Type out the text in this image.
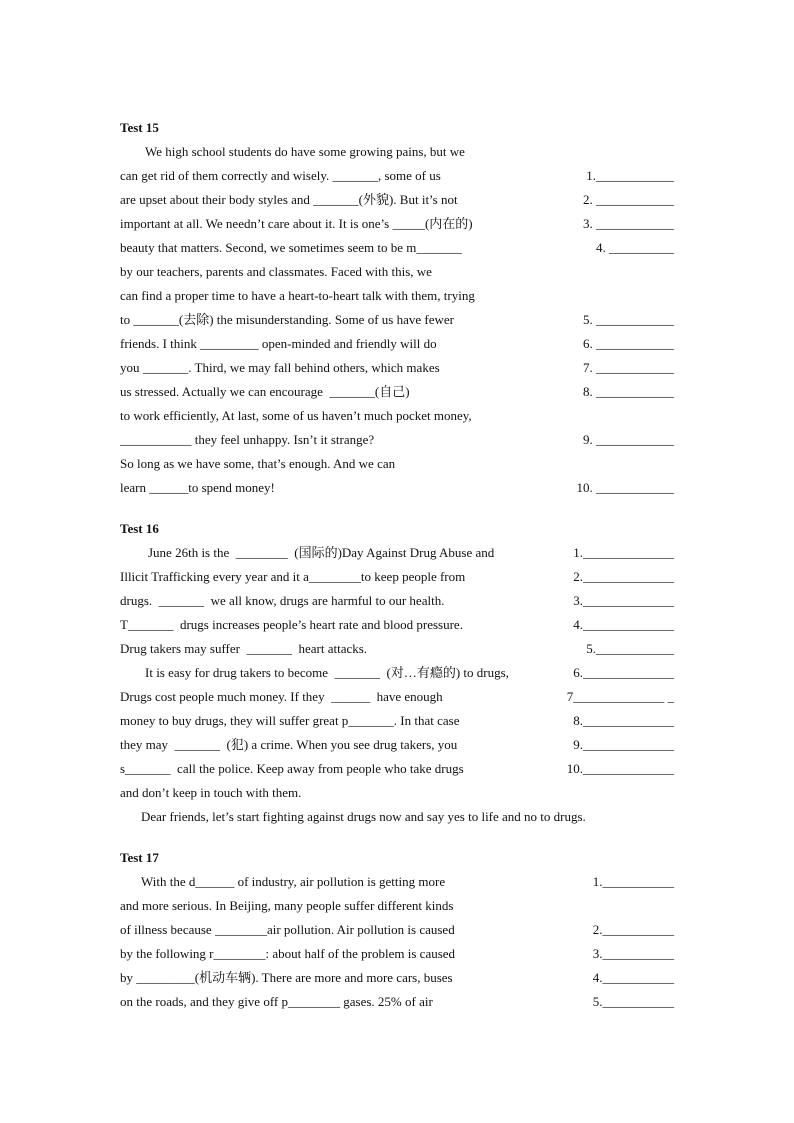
Test 15
We high school students do have some growing pains, but we
can get rid of them correctly and wisely. _______, some of us	1.____________
are upset about their body styles and _______(外貌). But it’s not	2. ____________
important at all. We needn’t care about it. It is one’s _____(内在的)	3. ____________
beauty that matters. Second, we sometimes seem to be m_______	4. __________
by our teachers, parents and classmates. Faced with this, we
can find a proper time to have a heart-to-heart talk with them, trying
to _______(去除) the misunderstanding. Some of us have fewer	5. ____________
friends. I think _________ open-minded and friendly will do	6. ____________
you _______. Third, we may fall behind others, which makes	7. ____________
us stressed. Actually we can encourage  _______(自己)	8. ____________
to work efficiently, At last, some of us haven’t much pocket money,
___________ they feel unhappy. Isn’t it strange?	9. ____________
So long as we have some, that’s enough. And we can
learn ______to spend money!	10. ____________
Test 16
June 26th is the  ________  (国际的)Day Against Drug Abuse and	1.______________
Illicit Trafficking every year and it a________to keep people from	2.______________
drugs.  _______  we all know, drugs are harmful to our health.	3.______________
T_______  drugs increases people’s heart rate and blood pressure.	4.______________
Drug takers may suffer  _______  heart attacks.	5.____________
It is easy for drug takers to become  _______  (对…有瘾的) to drugs,	6.______________
Drugs cost people much money. If they  ______  have enough	7______________ _
money to buy drugs, they will suffer great p_______. In that case	8.______________
they may  _______  (犯) a crime. When you see drug takers, you	9.______________
s_______  call the police. Keep away from people who take drugs	10.______________
and don’t keep in touch with them.
Dear friends, let’s start fighting against drugs now and say yes to life and no to drugs.
Test 17
With the d______ of industry, air pollution is getting more	1.___________
and more serious. In Beijing, many people suffer different kinds
of illness because ________air pollution. Air pollution is caused	2.___________
by the following r________: about half of the problem is caused	3.___________
by _________(机动车辆). There are more and more cars, buses	4.___________
on the roads, and they give off p________ gases. 25% of air	5.___________
